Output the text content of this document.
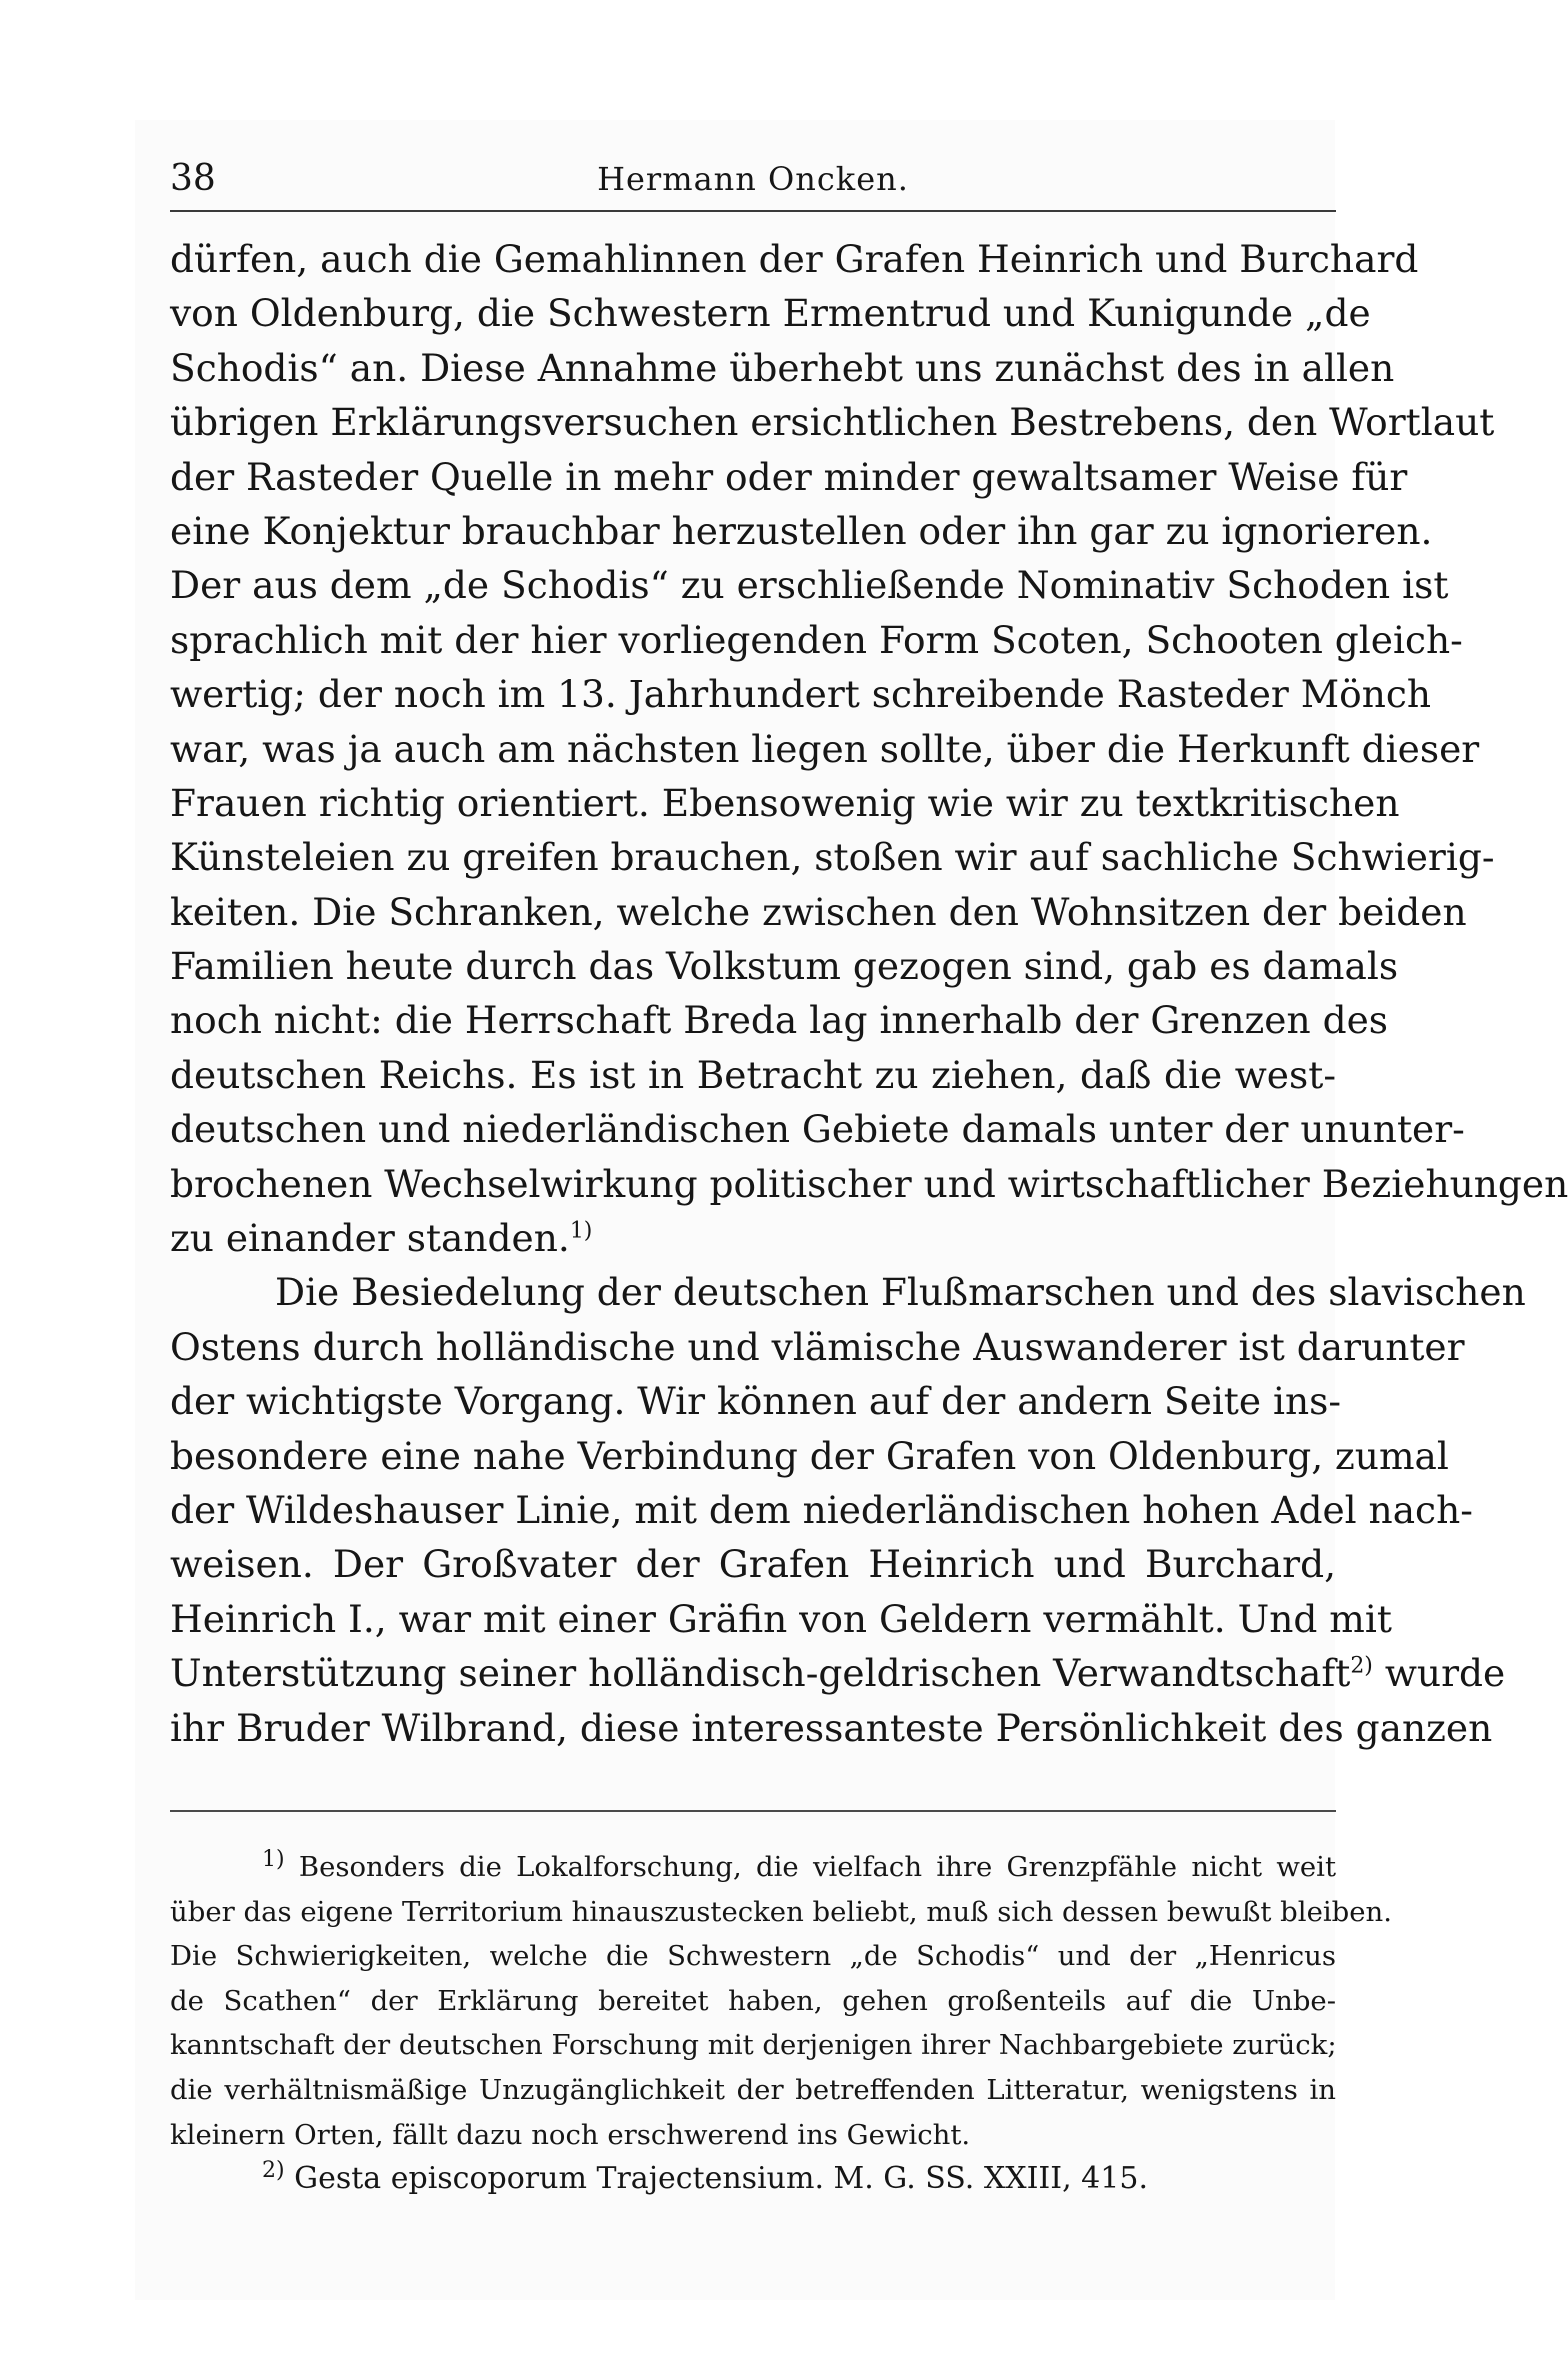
38	Hermann Oncken.
dürfen, auch die Gemahlinnen der Grafen Heinrich und Burchard
von Oldenburg, die Schwestern Ermentrud und Kunigunde „de
Schodis“ an. Diese Annahme überhebt uns zunächst des in allen
übrigen Erklärungsversuchen ersichtlichen Bestrebens, den Wortlaut
der Rasteder Quelle in mehr oder minder gewaltsamer Weise für
eine Konjektur brauchbar herzustellen oder ihn gar zu ignorieren.
Der aus dem „de Schodis“ zu erschließende Nominativ Schoden ist
sprachlich mit der hier vorliegenden Form Scoten, Schooten gleich-
wertig; der noch im 13. Jahrhundert schreibende Rasteder Mönch
war, was ja auch am nächsten liegen sollte, über die Herkunft dieser
Frauen richtig orientiert. Ebensowenig wie wir zu textkritischen
Künsteleien zu greifen brauchen, stoßen wir auf sachliche Schwierig-
keiten. Die Schranken, welche zwischen den Wohnsitzen der beiden
Familien heute durch das Volkstum gezogen sind, gab es damals
noch nicht: die Herrschaft Breda lag innerhalb der Grenzen des
deutschen Reichs. Es ist in Betracht zu ziehen, daß die west-
deutschen und niederländischen Gebiete damals unter der ununter-
brochenen Wechselwirkung politischer und wirtschaftlicher Beziehungen
zu einander standen.$^{1)}$
Die Besiedelung der deutschen Flußmarschen und des slavischen
Ostens durch holländische und vlämische Auswanderer ist darunter
der wichtigste Vorgang. Wir können auf der andern Seite ins-
besondere eine nahe Verbindung der Grafen von Oldenburg, zumal
der Wildeshauser Linie, mit dem niederländischen hohen Adel nach-
weisen. Der Großvater der Grafen Heinrich und Burchard,
Heinrich I., war mit einer Gräfin von Geldern vermählt. Und mit
Unterstützung seiner holländisch-geldrischen Verwandtschaft$^{2)}$ wurde
ihr Bruder Wilbrand, diese interessanteste Persönlichkeit des ganzen
$^{1)}$ Besonders die Lokalforschung, die vielfach ihre Grenzpfähle nicht weit
über das eigene Territorium hinauszustecken beliebt, muß sich dessen bewußt bleiben.
Die Schwierigkeiten, welche die Schwestern „de Schodis“ und der „Henricus
de Scathen“ der Erklärung bereitet haben, gehen großenteils auf die Unbe-
kanntschaft der deutschen Forschung mit derjenigen ihrer Nachbargebiete zurück;
die verhältnismäßige Unzugänglichkeit der betreffenden Litteratur, wenigstens in
kleinern Orten, fällt dazu noch erschwerend ins Gewicht.
$^{2)}$ Gesta episcoporum Trajectensium. M. G. SS. XXIII, 415.
